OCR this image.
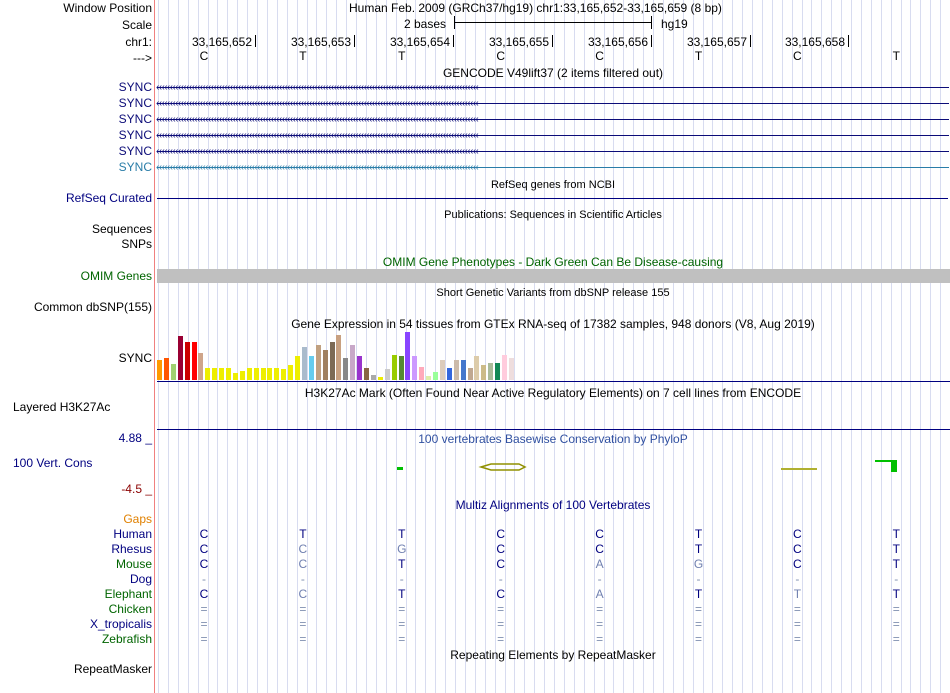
Window Position	Human Feb. 2009 (GRCh37/hg19) chr1:33,165,652-33,165,659 (8 bp)
Scale	2 bases	hg19
chr1:	33,165,652	33,165,653	33,165,654	33,165,655	33,165,656	33,165,657	33,165,658
--->	C	T	T	C	C	T	C	T
GENCODE V49lift37 (2 items filtered out)
SYNC ‹‹‹‹‹‹‹‹‹‹‹‹‹‹‹‹‹‹‹‹‹‹‹‹‹‹‹‹‹‹‹‹‹‹‹‹‹‹‹‹‹‹‹‹‹‹‹‹‹‹‹‹‹‹‹‹‹‹‹‹‹‹‹‹‹‹‹‹‹‹‹‹‹‹‹‹‹‹‹‹‹‹‹‹‹‹‹‹‹‹‹‹‹‹‹‹‹‹‹‹‹‹‹‹‹‹‹‹‹‹‹‹‹‹‹‹‹‹
SYNC ‹‹‹‹‹‹‹‹‹‹‹‹‹‹‹‹‹‹‹‹‹‹‹‹‹‹‹‹‹‹‹‹‹‹‹‹‹‹‹‹‹‹‹‹‹‹‹‹‹‹‹‹‹‹‹‹‹‹‹‹‹‹‹‹‹‹‹‹‹‹‹‹‹‹‹‹‹‹‹‹‹‹‹‹‹‹‹‹‹‹‹‹‹‹‹‹‹‹‹‹‹‹‹‹‹‹‹‹‹‹‹‹‹‹‹‹‹‹
SYNC ‹‹‹‹‹‹‹‹‹‹‹‹‹‹‹‹‹‹‹‹‹‹‹‹‹‹‹‹‹‹‹‹‹‹‹‹‹‹‹‹‹‹‹‹‹‹‹‹‹‹‹‹‹‹‹‹‹‹‹‹‹‹‹‹‹‹‹‹‹‹‹‹‹‹‹‹‹‹‹‹‹‹‹‹‹‹‹‹‹‹‹‹‹‹‹‹‹‹‹‹‹‹‹‹‹‹‹‹‹‹‹‹‹‹‹‹‹‹
SYNC ‹‹‹‹‹‹‹‹‹‹‹‹‹‹‹‹‹‹‹‹‹‹‹‹‹‹‹‹‹‹‹‹‹‹‹‹‹‹‹‹‹‹‹‹‹‹‹‹‹‹‹‹‹‹‹‹‹‹‹‹‹‹‹‹‹‹‹‹‹‹‹‹‹‹‹‹‹‹‹‹‹‹‹‹‹‹‹‹‹‹‹‹‹‹‹‹‹‹‹‹‹‹‹‹‹‹‹‹‹‹‹‹‹‹‹‹‹‹
SYNC ‹‹‹‹‹‹‹‹‹‹‹‹‹‹‹‹‹‹‹‹‹‹‹‹‹‹‹‹‹‹‹‹‹‹‹‹‹‹‹‹‹‹‹‹‹‹‹‹‹‹‹‹‹‹‹‹‹‹‹‹‹‹‹‹‹‹‹‹‹‹‹‹‹‹‹‹‹‹‹‹‹‹‹‹‹‹‹‹‹‹‹‹‹‹‹‹‹‹‹‹‹‹‹‹‹‹‹‹‹‹‹‹‹‹‹‹‹‹
SYNC ‹‹‹‹‹‹‹‹‹‹‹‹‹‹‹‹‹‹‹‹‹‹‹‹‹‹‹‹‹‹‹‹‹‹‹‹‹‹‹‹‹‹‹‹‹‹‹‹‹‹‹‹‹‹‹‹‹‹‹‹‹‹‹‹‹‹‹‹‹‹‹‹‹‹‹‹‹‹‹‹‹‹‹‹‹‹‹‹‹‹‹‹‹‹‹‹‹‹‹‹‹‹‹‹‹‹‹‹‹‹‹‹‹‹‹‹‹‹
RefSeq genes from NCBI
RefSeq Curated
Publications: Sequences in Scientific Articles
Sequences
SNPs
OMIM Gene Phenotypes - Dark Green Can Be Disease-causing
OMIM Genes
Short Genetic Variants from dbSNP release 155
Common dbSNP(155)
Gene Expression in 54 tissues from GTEx RNA-seq of 17382 samples, 948 donors (V8, Aug 2019)
SYNC
H3K27Ac Mark (Often Found Near Active Regulatory Elements) on 7 cell lines from ENCODE
Layered H3K27Ac
4.88 _	100 vertebrates Basewise Conservation by PhyloP
100 Vert. Cons
-4.5 _
Multiz Alignments of 100 Vertebrates
Gaps
Human	C	T	T	C	C	T	C	T
Rhesus	C	C	G	C	C	T	C	T
Mouse	C	C	T	C	A	G	C	T
Dog	-	-	-	-	-	-	-	-
Elephant	C	C	T	C	A	T	T	T
Chicken	=	=	=	=	=	=	=	=
X_tropicalis	=	=	=	=	=	=	=	=
Zebrafish	=	=	=	=	=	=	=	=
Repeating Elements by RepeatMasker
RepeatMasker
